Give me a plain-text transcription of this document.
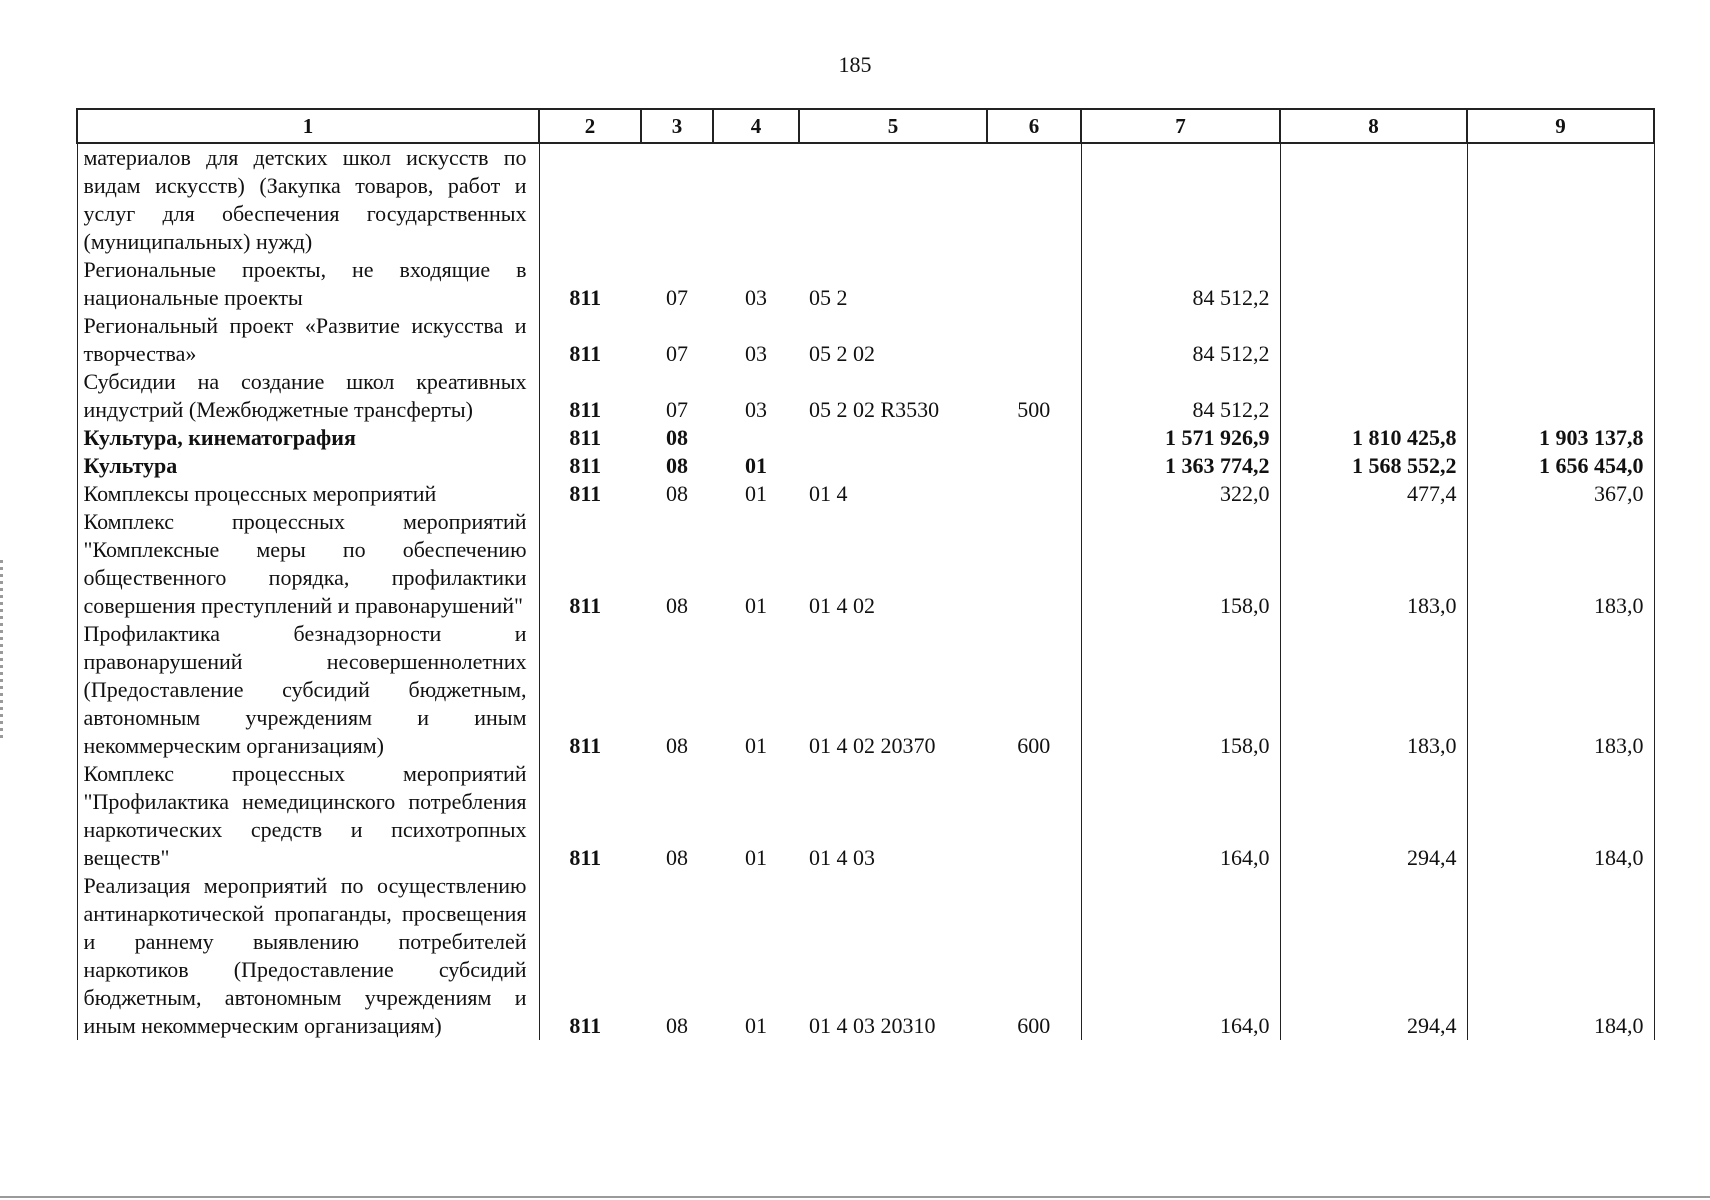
185
1	2	3	4	5	6	7	8	9

материалов для детских школ искусств по видам искусств) (Закупка товаров, работ и услуг для обеспечения государственных (муниципальных) нужд)								

Региональные проекты, не входящие в национальные проекты	811	07	03	05 2		84 512,2		

Региональный проект «Развитие искусства и творчества»	811	07	03	05 2 02		84 512,2		

Субсидии на создание школ креативных индустрий (Межбюджетные трансферты)	811	07	03	05 2 02 R3530	500	84 512,2		

Культура, кинематография	811	08				1 571 926,9	1 810 425,8	1 903 137,8

Культура	811	08	01			1 363 774,2	1 568 552,2	1 656 454,0

Комплексы процессных мероприятий	811	08	01	01 4		322,0	477,4	367,0

Комплекс процессных мероприятий "Комплексные меры по обеспечению общественного порядка, профилактики совершения преступлений и правонарушений"	811	08	01	01 4 02		158,0	183,0	183,0

Профилактика безнадзорности и правонарушений несовершеннолетних (Предоставление субсидий бюджетным, автономным учреждениям и иным некоммерческим организациям)	811	08	01	01 4 02 20370	600	158,0	183,0	183,0

Комплекс процессных мероприятий "Профилактика немедицинского потребления наркотических средств и психотропных веществ"	811	08	01	01 4 03		164,0	294,4	184,0

Реализация мероприятий по осуществлению антинаркотической пропаганды, просвещения и раннему выявлению потребителей наркотиков (Предоставление субсидий бюджетным, автономным учреждениям и иным некоммерческим организациям)	811	08	01	01 4 03 20310	600	164,0	294,4	184,0
